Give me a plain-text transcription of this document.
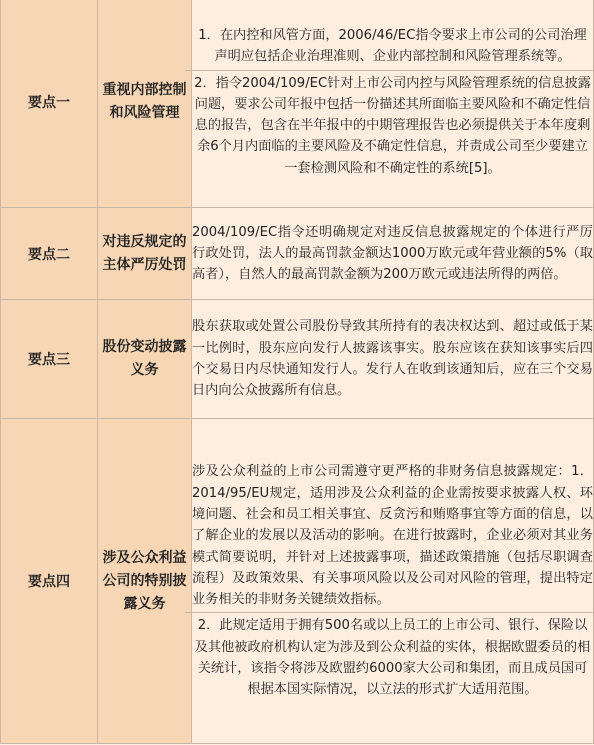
要点一	重视内部控制和风险管理	1．在内控和风管方面，2006/46/EC指令要求上市公司的公司治理声明应包括企业治理准则、企业内部控制和风险管理系统等。
2．指令2004/109/EC针对上市公司内控与风险管理系统的信息披露问题，要求公司年报中包括一份描述其所面临主要风险和不确定性信息的报告，包含在半年报中的中期管理报告也必须提供关于本年度剩余6个月内面临的主要风险及不确定性信息，并责成公司至少要建立一套检测风险和不确定性的系统[5]。

要点二	对违反规定的主体严厉处罚	2004/109/EC指令还明确规定对违反信息披露规定的个体进行严厉行政处罚，法人的最高罚款金额达1000万欧元或年营业额的5%（取高者），自然人的最高罚款金额为200万欧元或违法所得的两倍。

要点三	股份变动披露义务	股东获取或处置公司股份导致其所持有的表决权达到、超过或低于某一比例时，股东应向发行人披露该事实。股东应该在获知该事实后四个交易日内尽快通知发行人。发行人在收到该通知后，应在三个交易日内向公众披露所有信息。

要点四	涉及公众利益公司的特别披露义务	涉及公众利益的上市公司需遵守更严格的非财务信息披露规定：1．2014/95/EU规定，适用涉及公众利益的企业需按要求披露人权、环境问题、社会和员工相关事宜、反贪污和贿赂事宜等方面的信息，以了解企业的发展以及活动的影响。在进行披露时，企业必须对其业务模式简要说明，并针对上述披露事项，描述政策措施（包括尽职调查流程）及政策效果、有关事项风险以及公司对风险的管理，提出特定业务相关的非财务关键绩效指标。
2．此规定适用于拥有500名或以上员工的上市公司、银行、保险以及其他被政府机构认定为涉及到公众利益的实体，根据欧盟委员的相关统计，该指令将涉及欧盟约6000家大公司和集团，而且成员国可根据本国实际情况，以立法的形式扩大适用范围。
